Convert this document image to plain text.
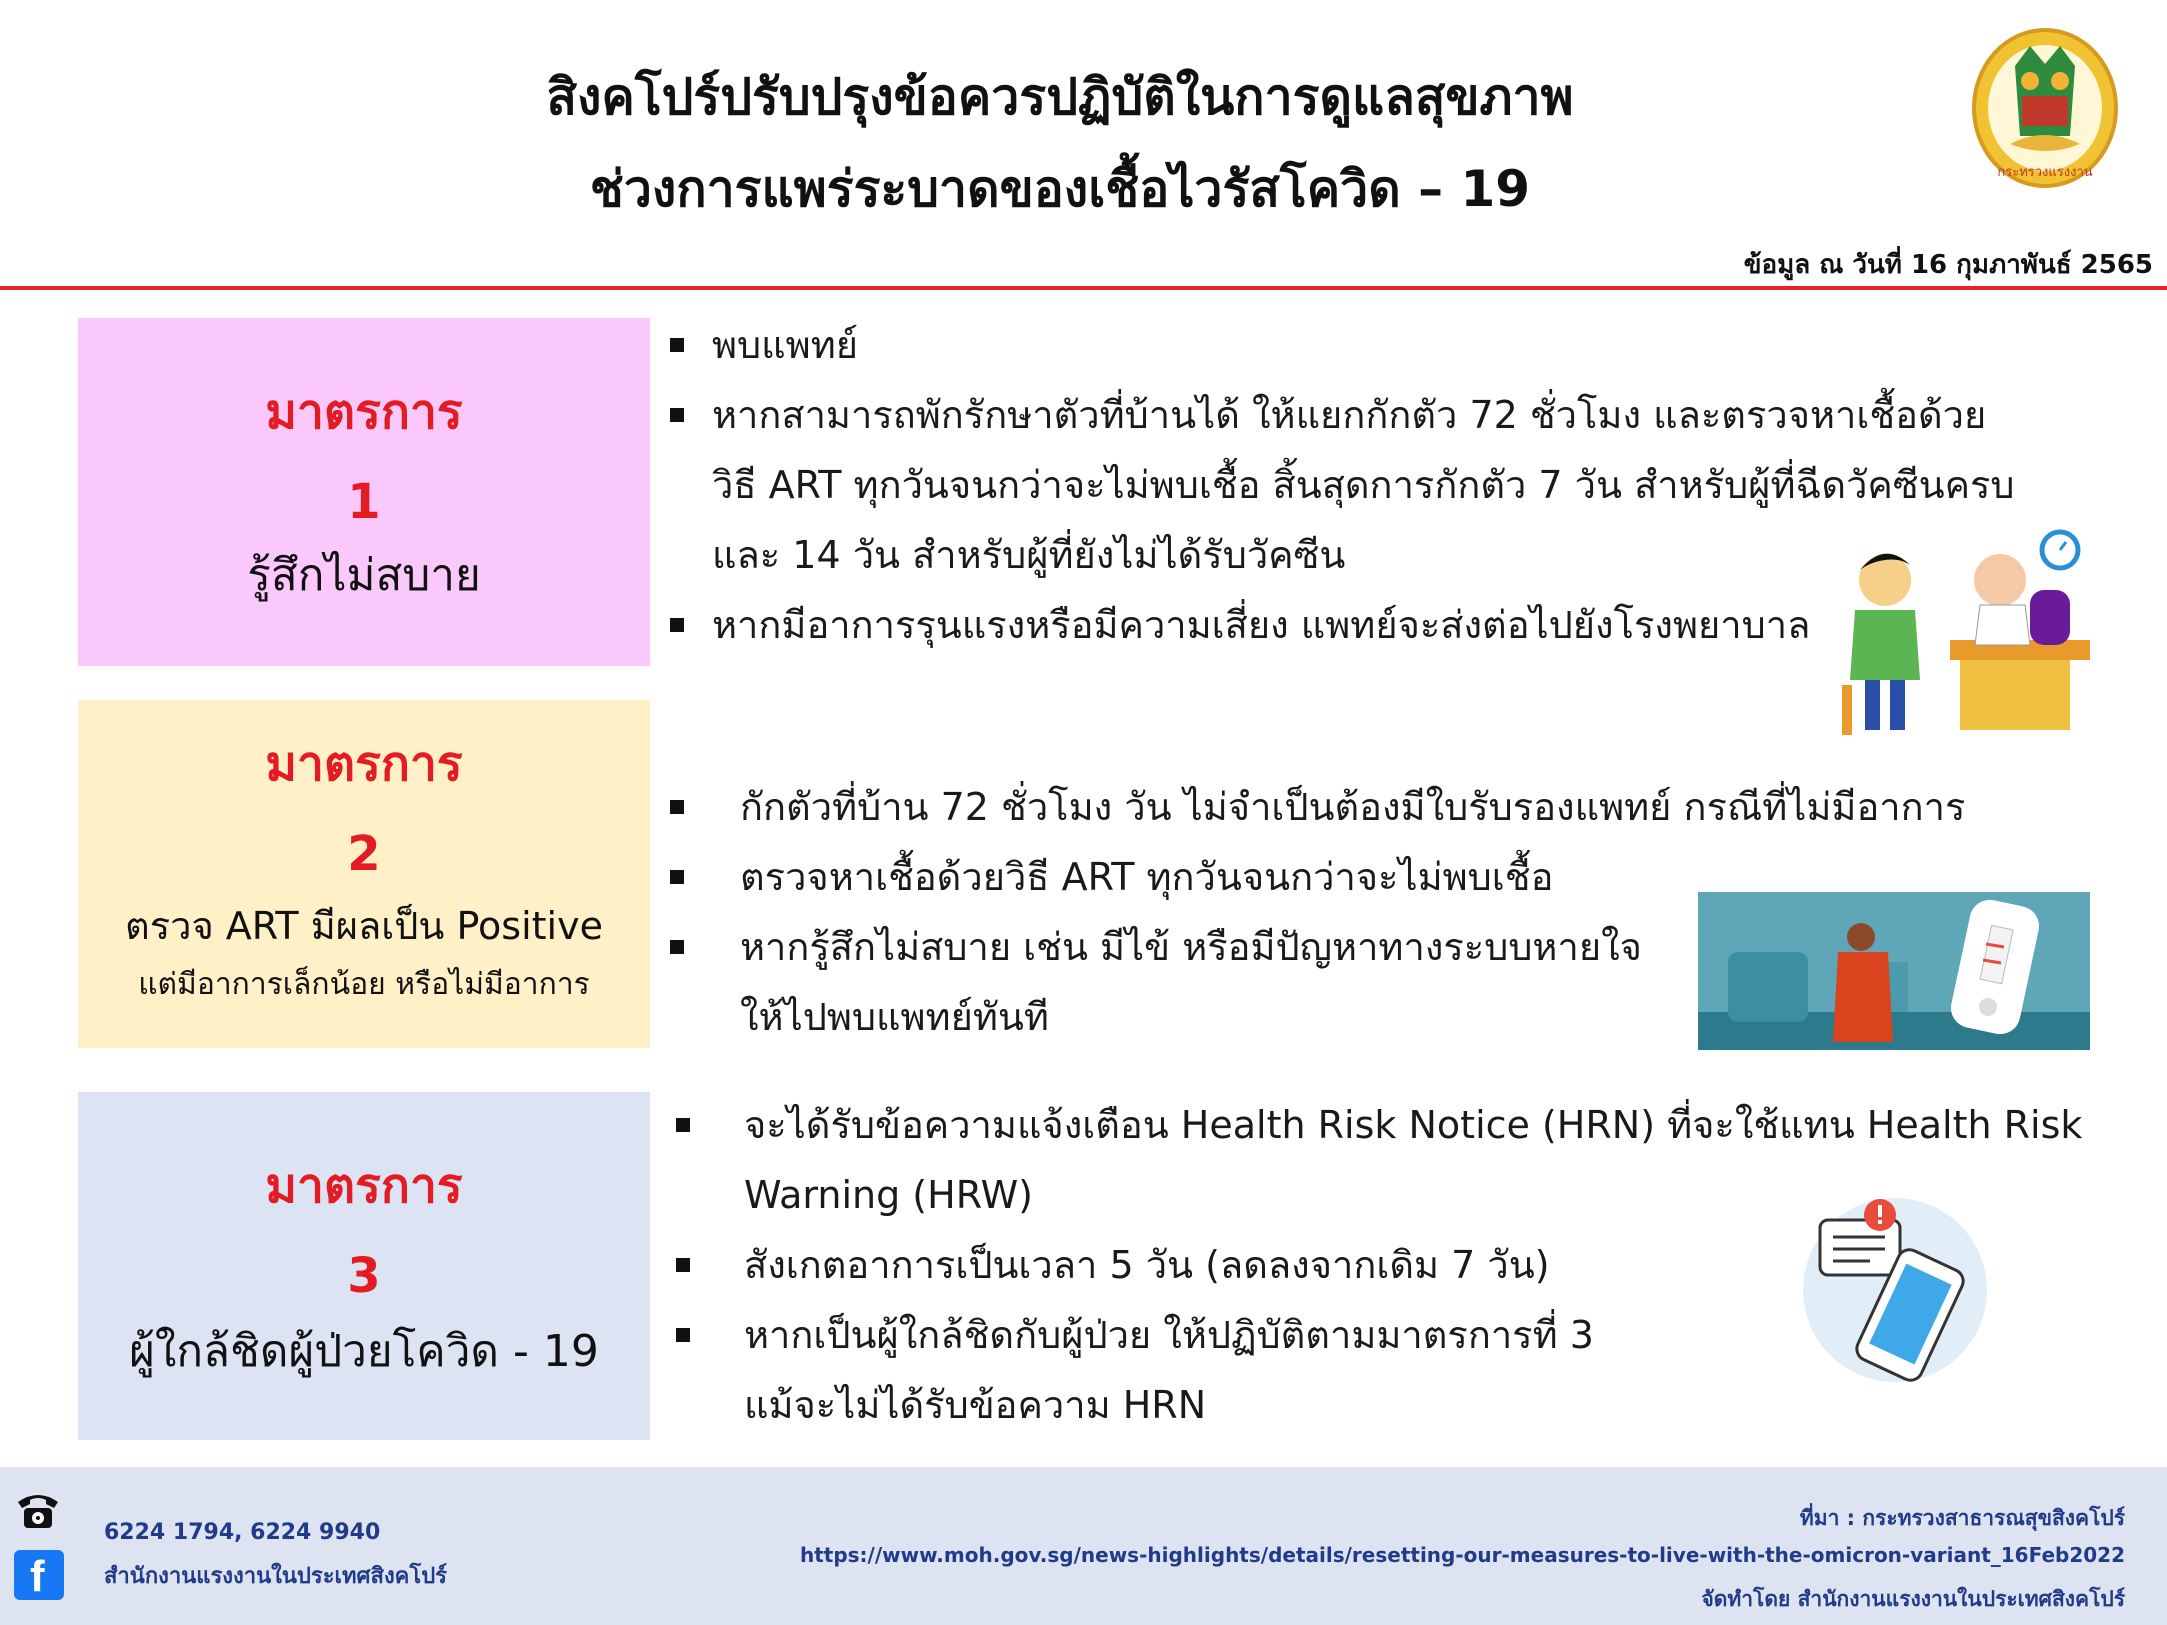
สิงคโปร์ปรับปรุงข้อควรปฏิบัติในการดูแลสุขภาพ
ช่วงการแพร่ระบาดของเชื้อไวรัสโควิด – 19	กระทรวงแรงงาน
ข้อมูล ณ วันที่ 16 กุมภาพันธ์ 2565
มาตรการ
1
รู้สึกไม่สบาย
พบแพทย์
หากสามารถพักรักษาตัวที่บ้านได้ ให้แยกกักตัว 72 ชั่วโมง และตรวจหาเชื้อด้วย
วิธี ART ทุกวันจนกว่าจะไม่พบเชื้อ สิ้นสุดการกักตัว 7 วัน สำหรับผู้ที่ฉีดวัคซีนครบ
และ 14 วัน สำหรับผู้ที่ยังไม่ได้รับวัคซีน
หากมีอาการรุนแรงหรือมีความเสี่ยง แพทย์จะส่งต่อไปยังโรงพยาบาล
มาตรการ
2
ตรวจ ART มีผลเป็น Positive
แต่มีอาการเล็กน้อย หรือไม่มีอาการ
กักตัวที่บ้าน 72 ชั่วโมง วัน ไม่จำเป็นต้องมีใบรับรองแพทย์ กรณีที่ไม่มีอาการ
ตรวจหาเชื้อด้วยวิธี ART ทุกวันจนกว่าจะไม่พบเชื้อ
หากรู้สึกไม่สบาย เช่น มีไข้ หรือมีปัญหาทางระบบหายใจ
ให้ไปพบแพทย์ทันที
มาตรการ
3
ผู้ใกล้ชิดผู้ป่วยโควิด - 19
จะได้รับข้อความแจ้งเตือน Health Risk Notice (HRN) ที่จะใช้แทน Health Risk
Warning (HRW)
สังเกตอาการเป็นเวลา 5 วัน (ลดลงจากเดิม 7 วัน)
หากเป็นผู้ใกล้ชิดกับผู้ป่วย ให้ปฏิบัติตามมาตรการที่ 3
แม้จะไม่ได้รับข้อความ HRN
6224 1794, 6224 9940
f	สำนักงานแรงงานในประเทศสิงคโปร์
ที่มา : กระทรวงสาธารณสุขสิงคโปร์
https://www.moh.gov.sg/news-highlights/details/resetting-our-measures-to-live-with-the-omicron-variant_16Feb2022
จัดทำโดย สำนักงานแรงงานในประเทศสิงคโปร์
